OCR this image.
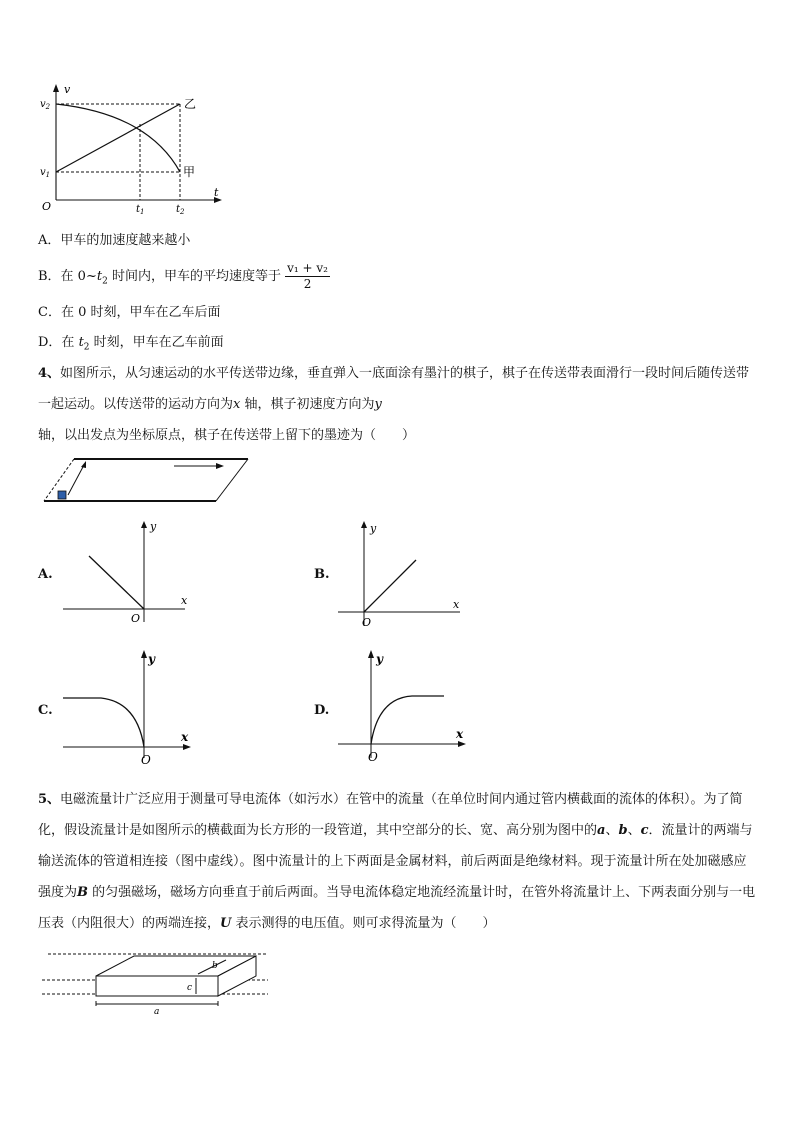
v
t
O
$v_2$
$v_1$
$t_1$	$t_2$
乙
甲
A．甲车的加速度越来越小
B．在 $0\sim t_2$ 时间内，甲车的平均速度等于 $\frac{\text{v₁ + v₂}}{2}$
C．在 0 时刻，甲车在乙车后面
D．在 $t_2$ 时刻，甲车在乙车前面
4、如图所示，从匀速运动的水平传送带边缘，垂直弹入一底面涂有墨汁的棋子，棋子在传送带表面滑行一段时间后随传送带一起运动。以传送带的运动方向为x 轴，棋子初速度方向为y 轴，以出发点为坐标原点，棋子在传送带上留下的墨迹为（　　）
A.
y
x
O
B.
y
x
O
C.
y
x
O
D.
y
x
O
5、电磁流量计广泛应用于测量可导电流体（如污水）在管中的流量（在单位时间内通过管内横截面的流体的体积）。为了简化，假设流量计是如图所示的横截面为长方形的一段管道，其中空部分的长、宽、高分别为图中的a、b、c．流量计的两端与输送流体的管道相连接（图中虚线）。图中流量计的上下两面是金属材料，前后两面是绝缘材料。现于流量计所在处加磁感应强度为B 的匀强磁场，磁场方向垂直于前后两面。当导电流体稳定地流经流量计时，在管外将流量计上、下两表面分别与一电压表（内阻很大）的两端连接，U 表示测得的电压值。则可求得流量为（　　）
a
b
c
